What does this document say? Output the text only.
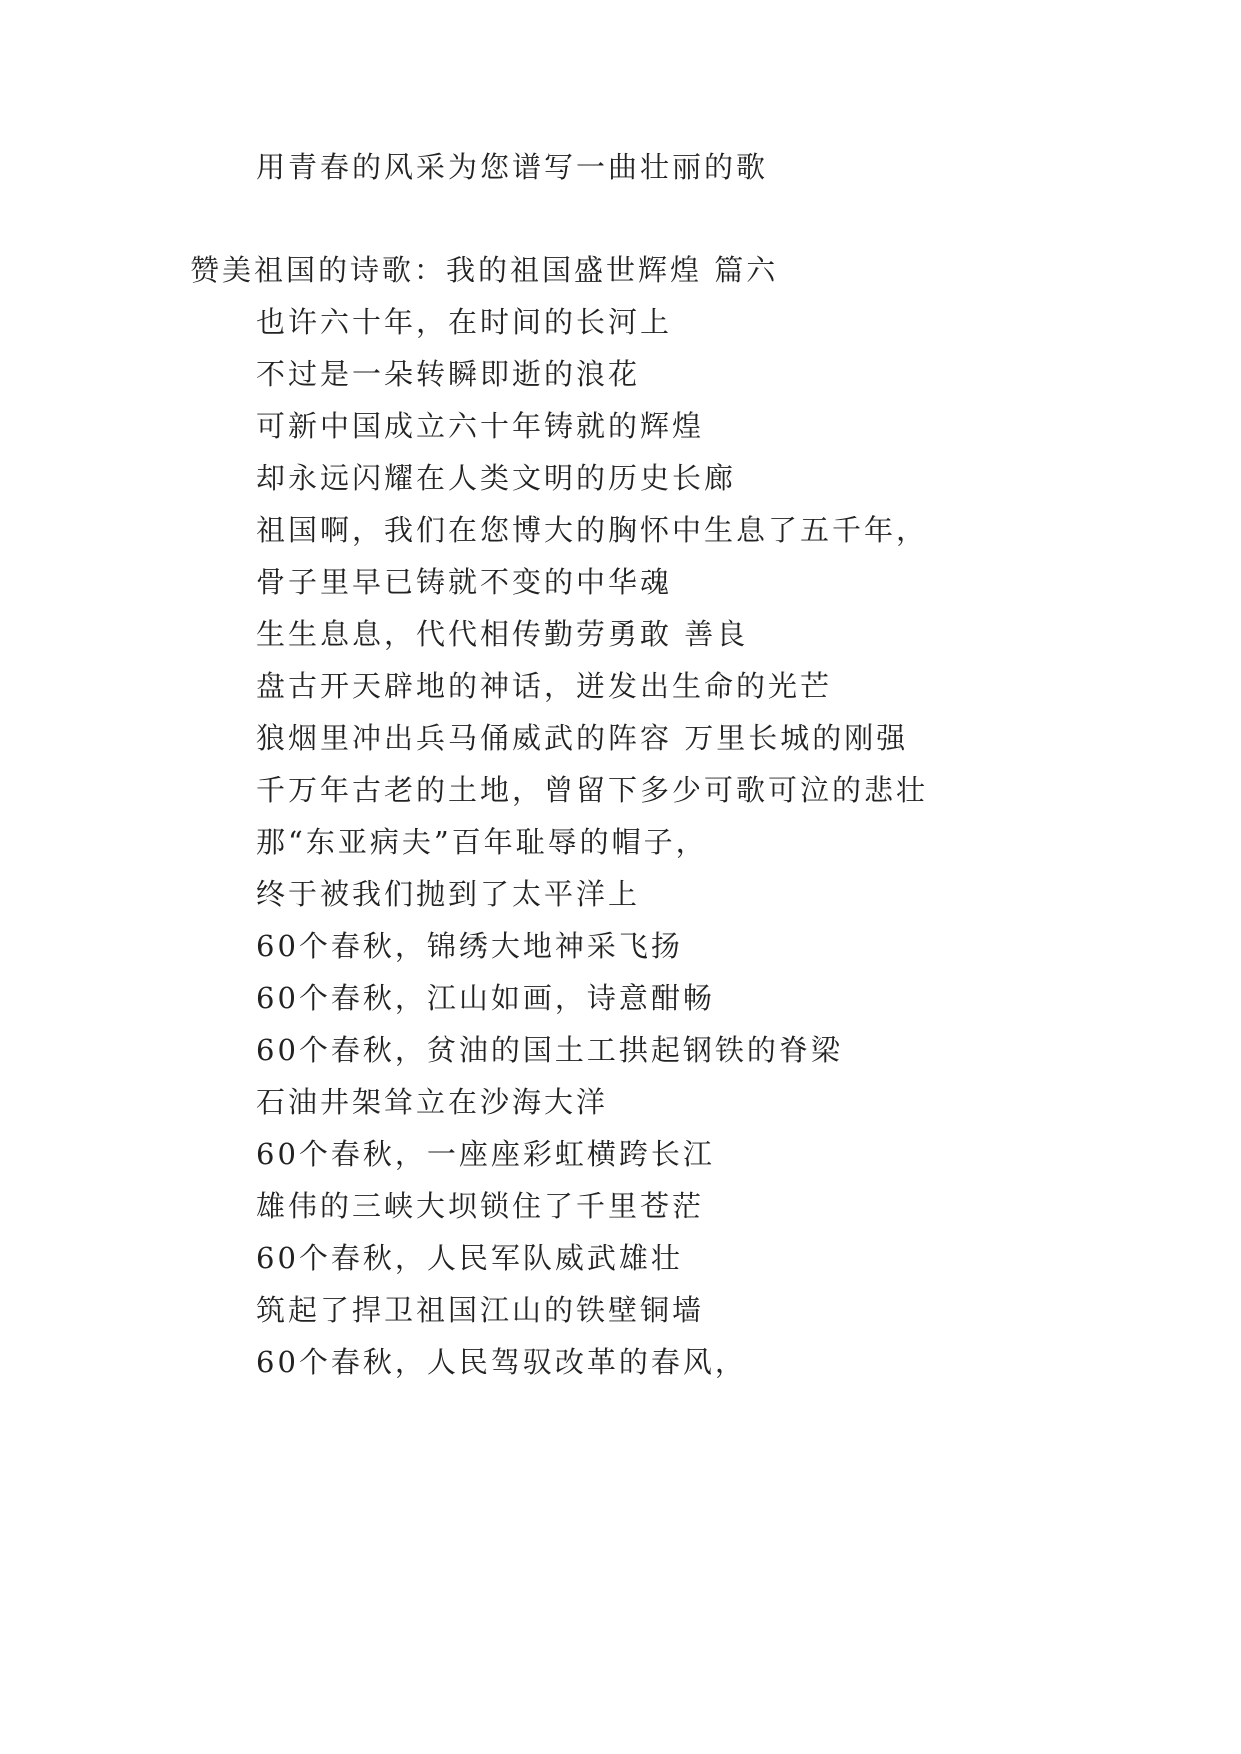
用青春的风采为您谱写一曲壮丽的歌
赞美祖国的诗歌：我的祖国盛世辉煌 篇六
也许六十年，在时间的长河上
不过是一朵转瞬即逝的浪花
可新中国成立六十年铸就的辉煌
却永远闪耀在人类文明的历史长廊
祖国啊，我们在您博大的胸怀中生息了五千年，
骨子里早已铸就不变的中华魂
生生息息，代代相传勤劳勇敢 善良
盘古开天辟地的神话，迸发出生命的光芒
狼烟里冲出兵马俑威武的阵容 万里长城的刚强
千万年古老的土地，曾留下多少可歌可泣的悲壮
那“东亚病夫”百年耻辱的帽子，
终于被我们抛到了太平洋上
60个春秋，锦绣大地神采飞扬
60个春秋，江山如画，诗意酣畅
60个春秋，贫油的国土工拱起钢铁的脊梁
石油井架耸立在沙海大洋
60个春秋，一座座彩虹横跨长江
雄伟的三峡大坝锁住了千里苍茫
60个春秋，人民军队威武雄壮
筑起了捍卫祖国江山的铁壁铜墙
60个春秋，人民驾驭改革的春风，
